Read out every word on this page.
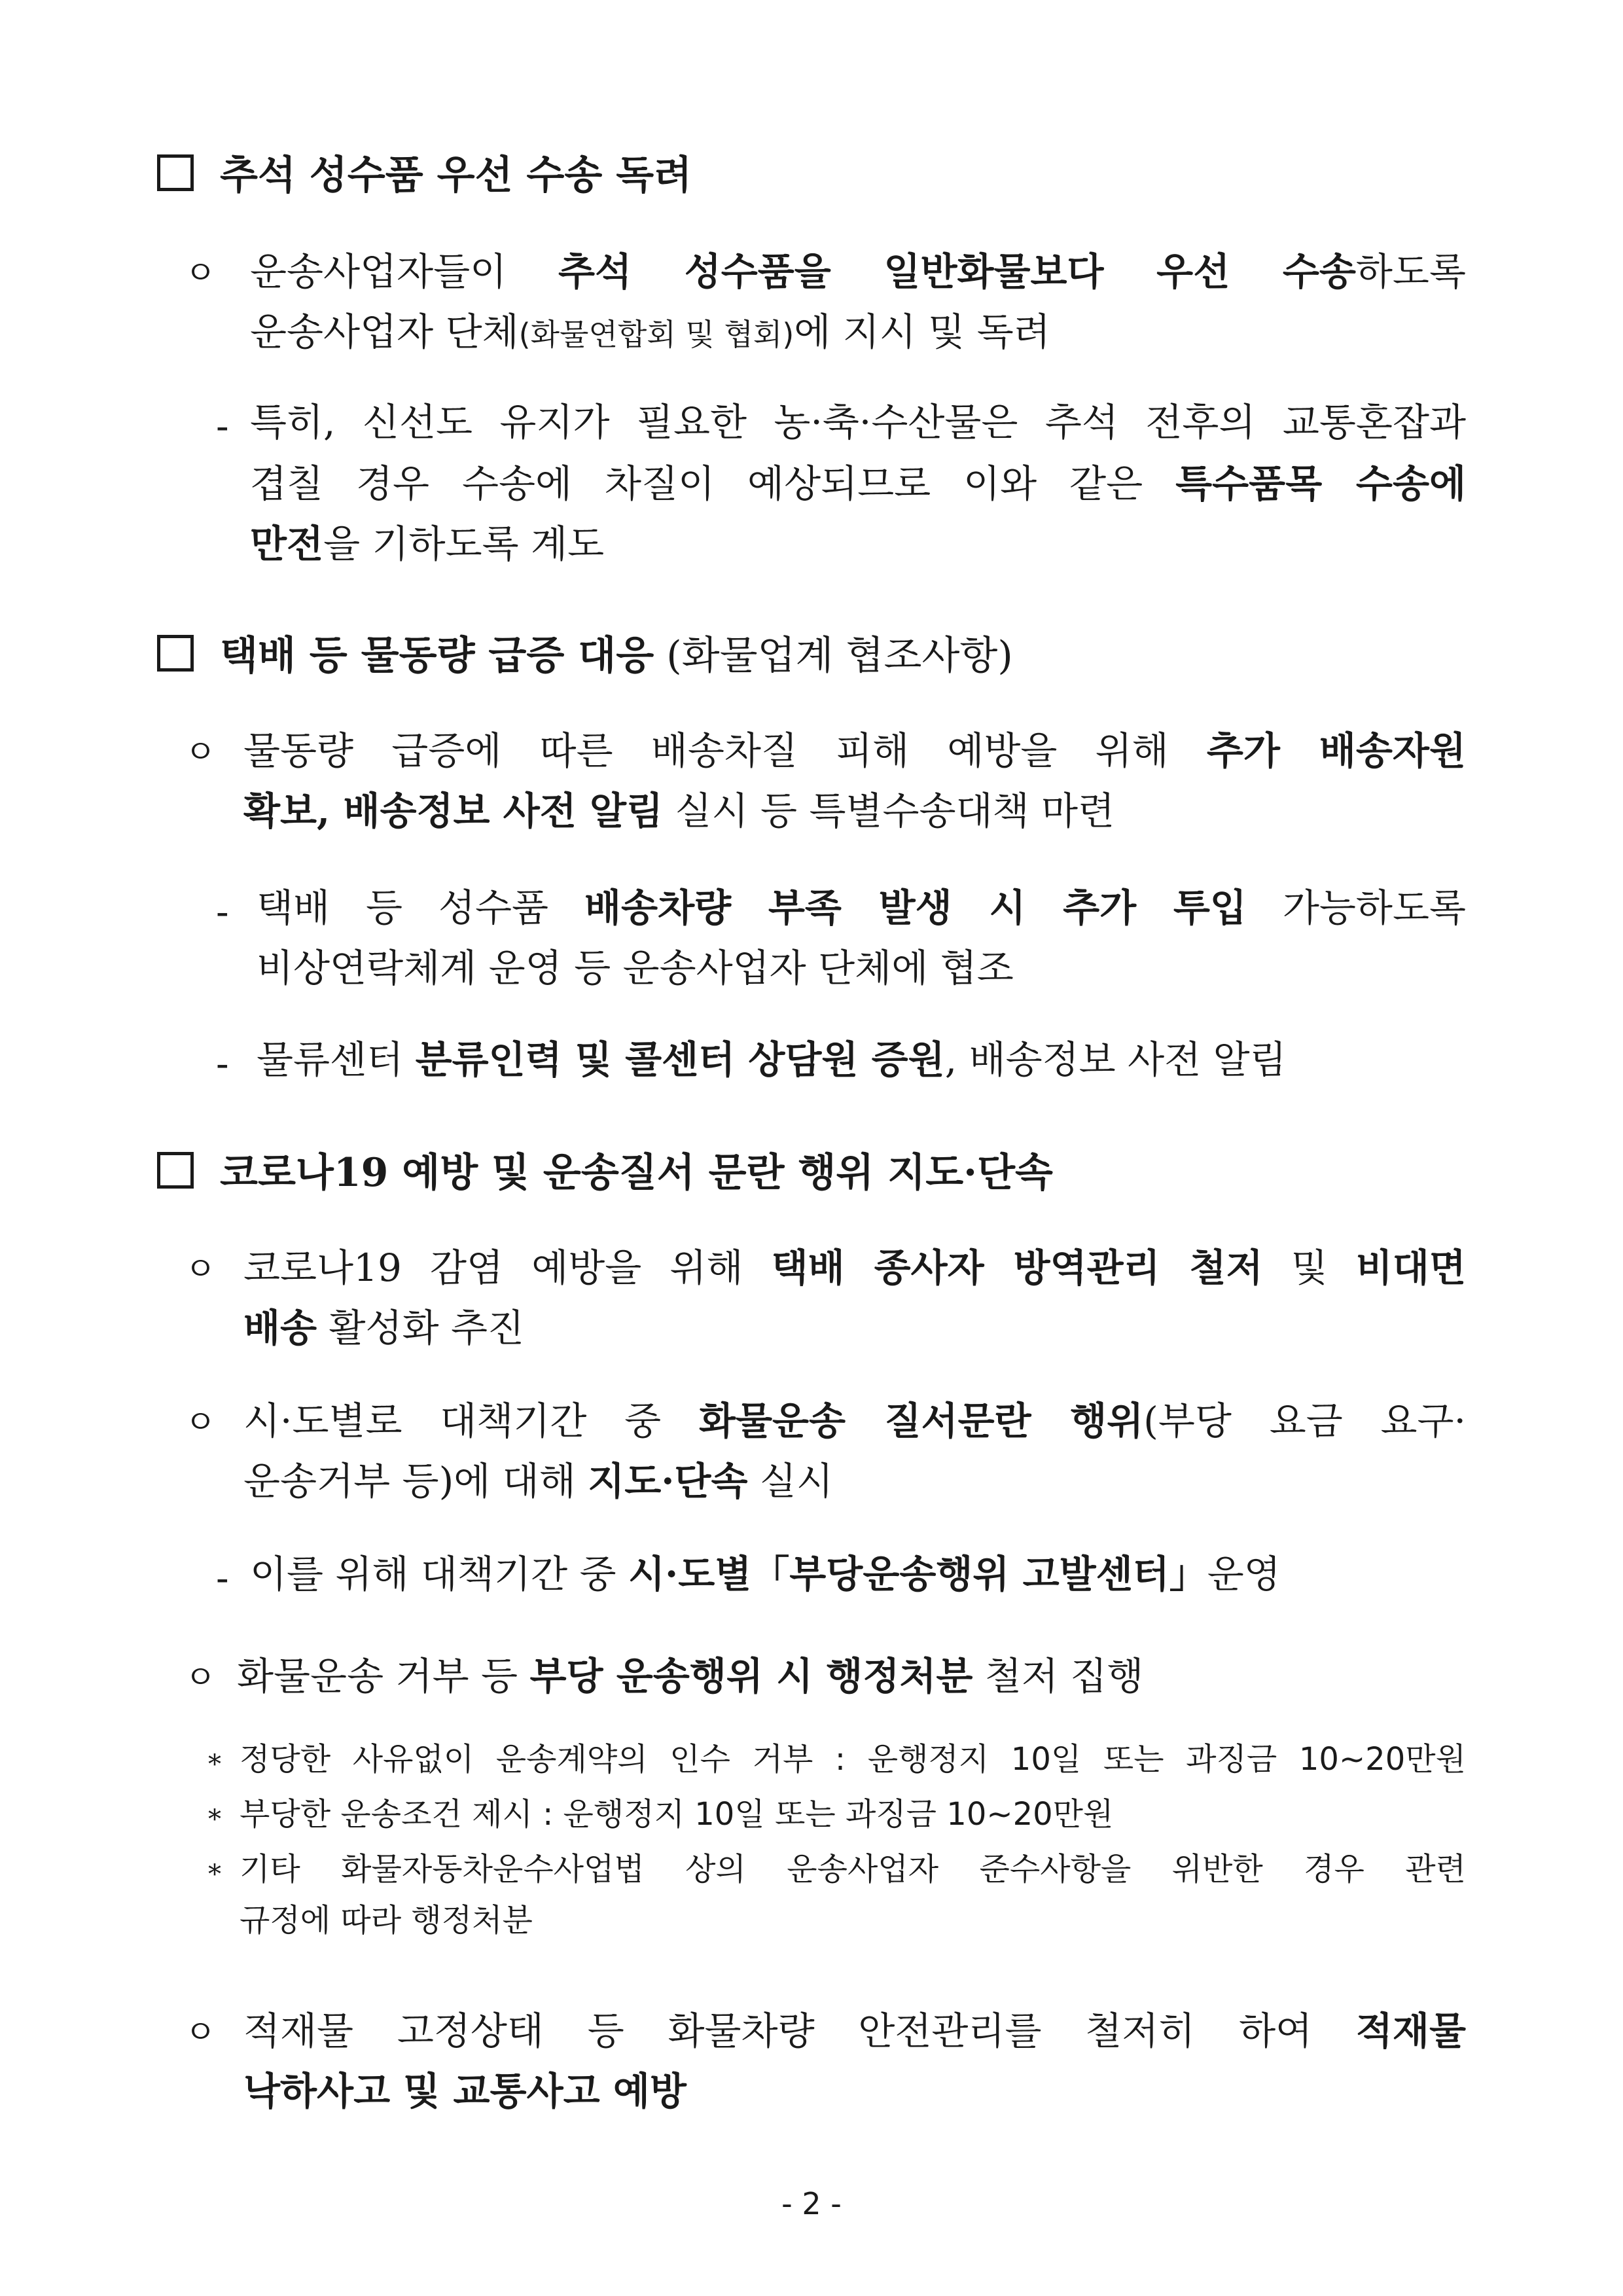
추석 성수품 우선 수송 독려
ㅇ 운송사업자들이 추석 성수품을 일반화물보다 우선 수송하도록
운송사업자 단체(화물연합회 및 협회)에 지시 및 독려
- 특히, 신선도 유지가 필요한 농·축·수산물은 추석 전후의 교통혼잡과
겹칠 경우 수송에 차질이 예상되므로 이와 같은 특수품목 수송에
만전을 기하도록 계도
택배 등 물동량 급증 대응 (화물업계 협조사항)
ㅇ 물동량 급증에 따른 배송차질 피해 예방을 위해 추가 배송자원
확보, 배송정보 사전 알림 실시 등 특별수송대책 마련
- 택배 등 성수품 배송차량 부족 발생 시 추가 투입 가능하도록
비상연락체계 운영 등 운송사업자 단체에 협조
- 물류센터 분류인력 및 콜센터 상담원 증원, 배송정보 사전 알림
코로나19 예방 및 운송질서 문란 행위 지도·단속
ㅇ 코로나19 감염 예방을 위해 택배 종사자 방역관리 철저 및 비대면
배송 활성화 추진
ㅇ 시·도별로 대책기간 중 화물운송 질서문란 행위(부당 요금 요구·
운송거부 등)에 대해 지도·단속 실시
- 이를 위해 대책기간 중 시·도별「부당운송행위 고발센터」운영
ㅇ 화물운송 거부 등 부당 운송행위 시 행정처분 철저 집행
* 정당한 사유없이 운송계약의 인수 거부 : 운행정지 10일 또는 과징금 10∼20만원
* 부당한 운송조건 제시 : 운행정지 10일 또는 과징금 10∼20만원
* 기타 화물자동차운수사업법 상의 운송사업자 준수사항을 위반한 경우 관련
규정에 따라 행정처분
ㅇ 적재물 고정상태 등 화물차량 안전관리를 철저히 하여 적재물
낙하사고 및 교통사고 예방
- 2 -
